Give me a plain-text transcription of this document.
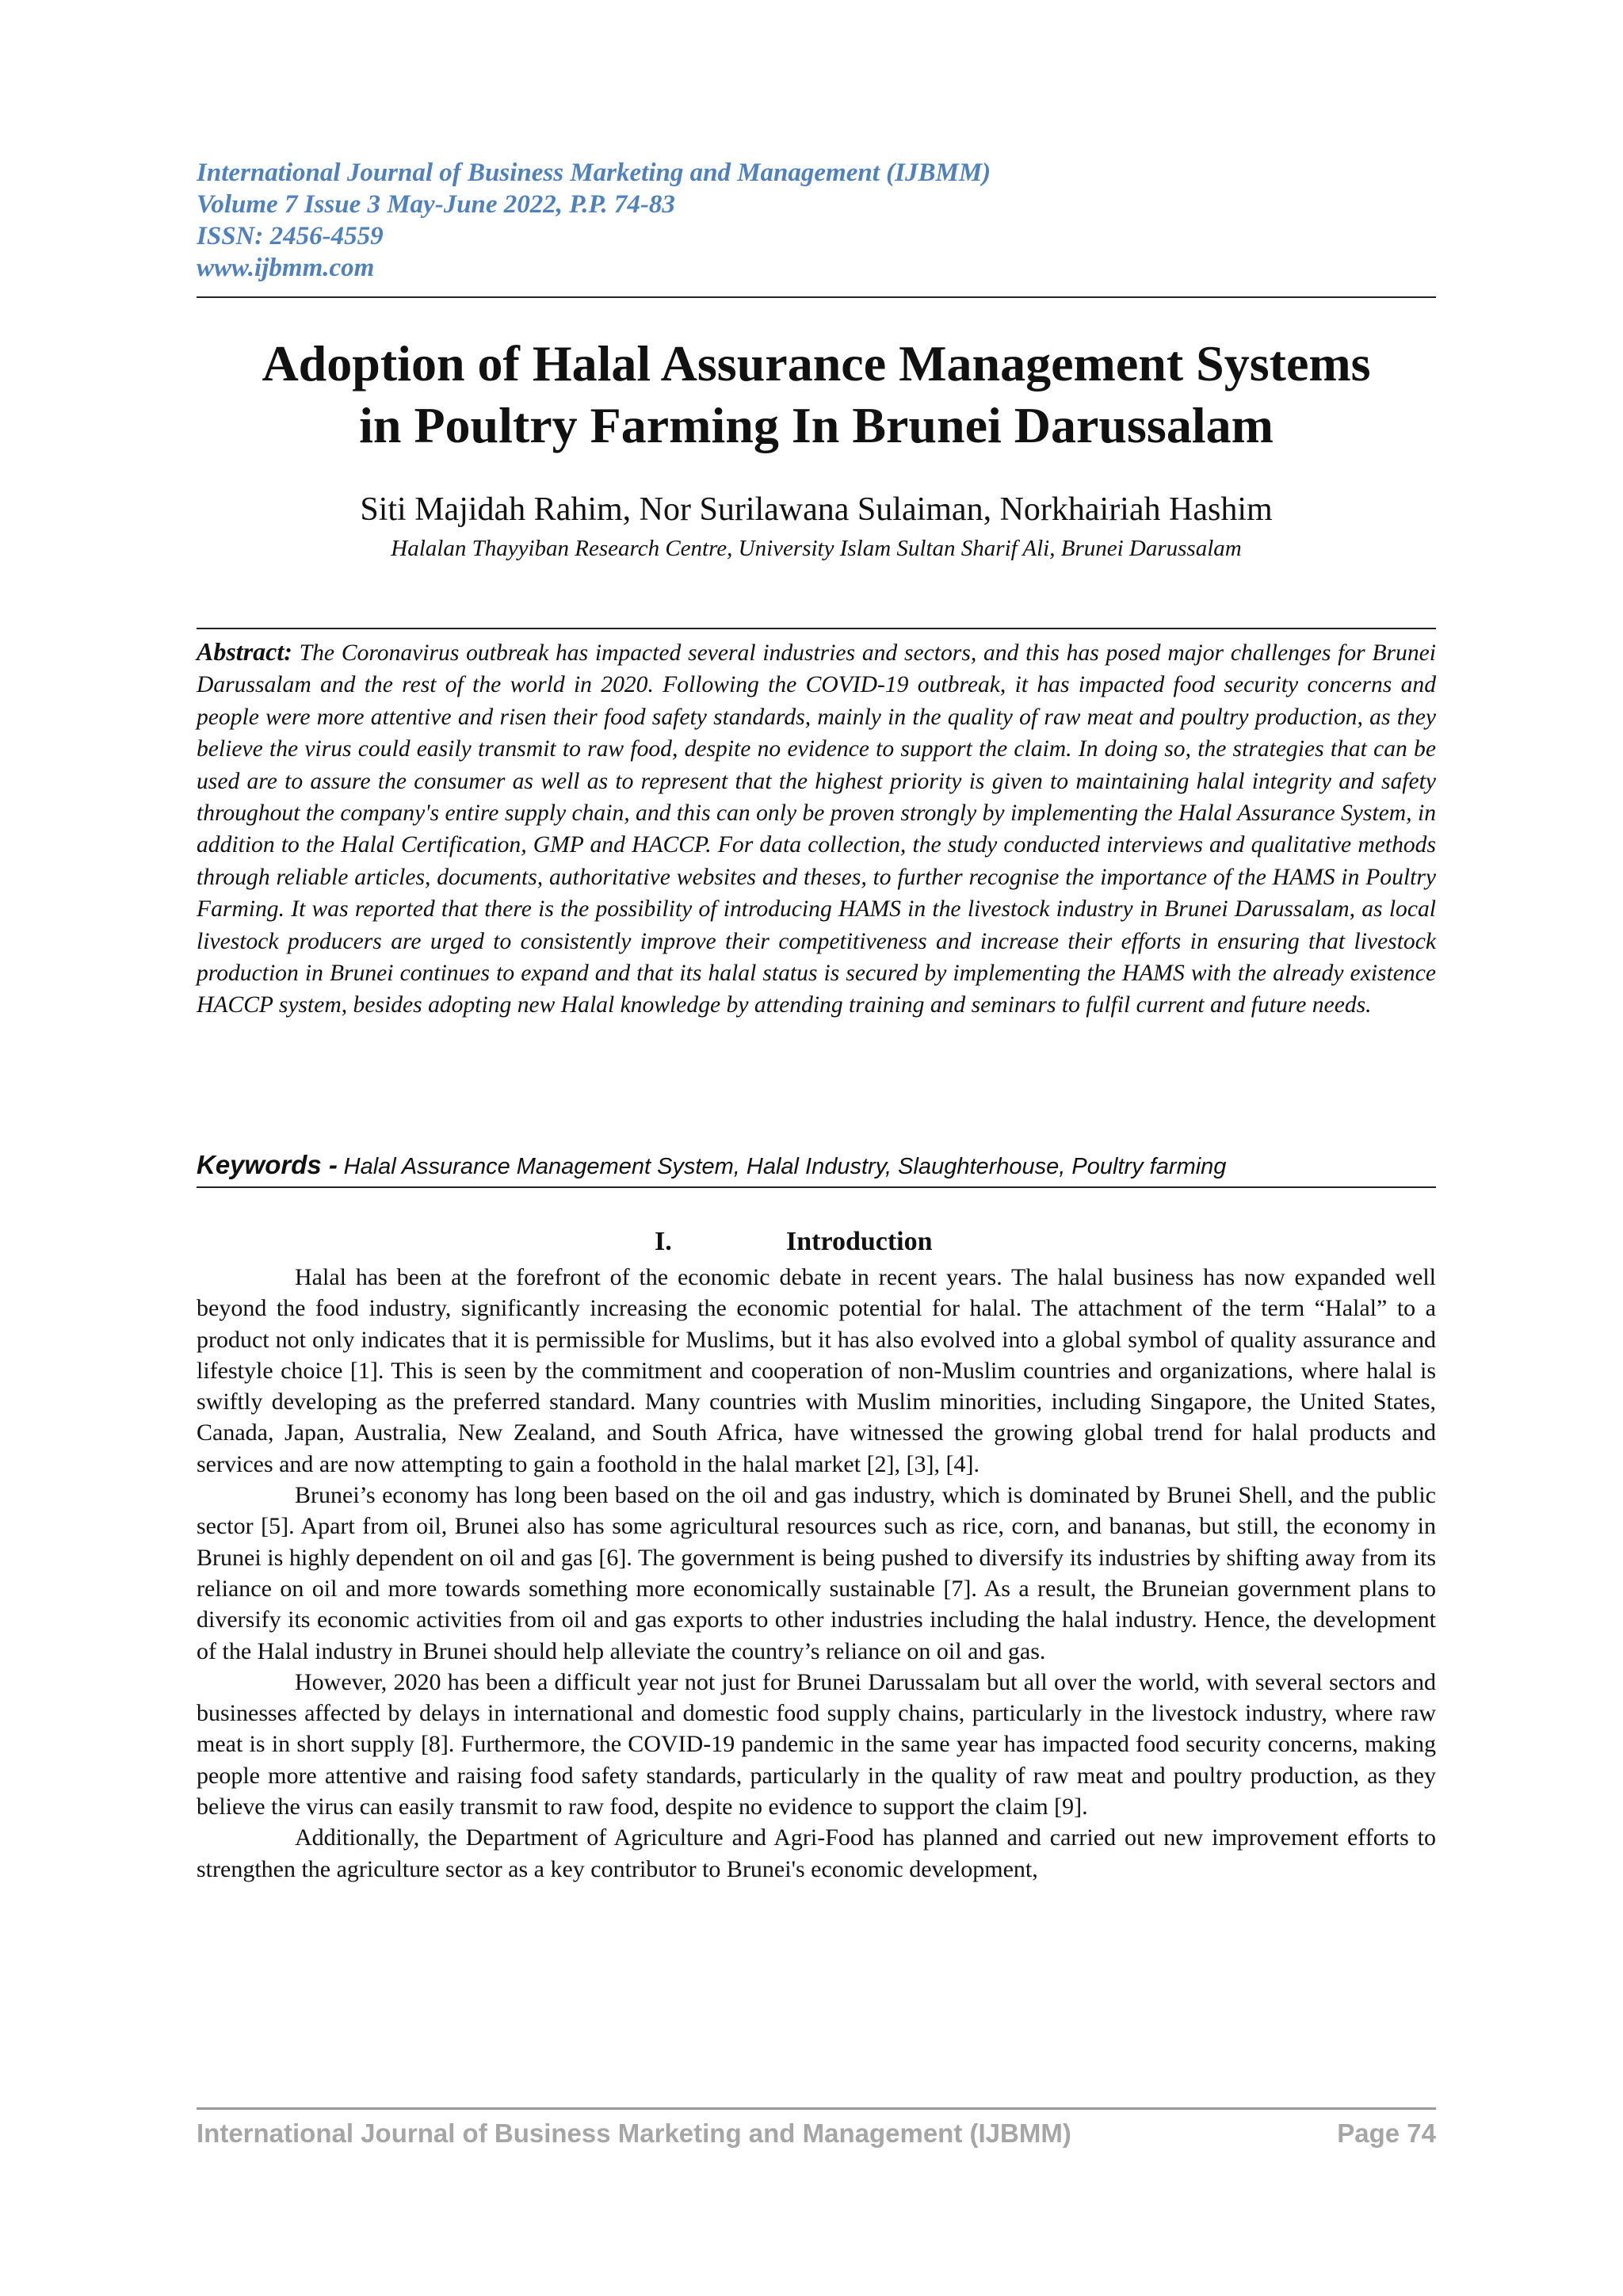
International Journal of Business Marketing and Management (IJBMM)
Volume 7 Issue 3 May-June 2022, P.P. 74-83
ISSN: 2456-4559
www.ijbmm.com
Adoption of Halal Assurance Management Systems
in Poultry Farming In Brunei Darussalam
Siti Majidah Rahim, Nor Surilawana Sulaiman, Norkhairiah Hashim
Halalan Thayyiban Research Centre, University Islam Sultan Sharif Ali, Brunei Darussalam
Abstract: The Coronavirus outbreak has impacted several industries and sectors, and this has posed major challenges for Brunei Darussalam and the rest of the world in 2020. Following the COVID-19 outbreak, it has impacted food security concerns and people were more attentive and risen their food safety standards, mainly in the quality of raw meat and poultry production, as they believe the virus could easily transmit to raw food, despite no evidence to support the claim. In doing so, the strategies that can be used are to assure the consumer as well as to represent that the highest priority is given to maintaining halal integrity and safety throughout the company's entire supply chain, and this can only be proven strongly by implementing the Halal Assurance System, in addition to the Halal Certification, GMP and HACCP. For data collection, the study conducted interviews and qualitative methods through reliable articles, documents, authoritative websites and theses, to further recognise the importance of the HAMS in Poultry Farming. It was reported that there is the possibility of introducing HAMS in the livestock industry in Brunei Darussalam, as local livestock producers are urged to consistently improve their competitiveness and increase their efforts in ensuring that livestock production in Brunei continues to expand and that its halal status is secured by implementing the HAMS with the already existence HACCP system, besides adopting new Halal knowledge by attending training and seminars to fulfil current and future needs.
Keywords - Halal Assurance Management System, Halal Industry, Slaughterhouse, Poultry farming
I.	Introduction

Halal has been at the forefront of the economic debate in recent years. The halal business has now expanded well beyond the food industry, significantly increasing the economic potential for halal. The attachment of the term “Halal” to a product not only indicates that it is permissible for Muslims, but it has also evolved into a global symbol of quality assurance and lifestyle choice [1]. This is seen by the commitment and cooperation of non-Muslim countries and organizations, where halal is swiftly developing as the preferred standard. Many countries with Muslim minorities, including Singapore, the United States, Canada, Japan, Australia, New Zealand, and South Africa, have witnessed the growing global trend for halal products and services and are now attempting to gain a foothold in the halal market [2], [3], [4].

Brunei’s economy has long been based on the oil and gas industry, which is dominated by Brunei Shell, and the public sector [5]. Apart from oil, Brunei also has some agricultural resources such as rice, corn, and bananas, but still, the economy in Brunei is highly dependent on oil and gas [6]. The government is being pushed to diversify its industries by shifting away from its reliance on oil and more towards something more economically sustainable [7]. As a result, the Bruneian government plans to diversify its economic activities from oil and gas exports to other industries including the halal industry. Hence, the development of the Halal industry in Brunei should help alleviate the country’s reliance on oil and gas.

However, 2020 has been a difficult year not just for Brunei Darussalam but all over the world, with several sectors and businesses affected by delays in international and domestic food supply chains, particularly in the livestock industry, where raw meat is in short supply [8]. Furthermore, the COVID-19 pandemic in the same year has impacted food security concerns, making people more attentive and raising food safety standards, particularly in the quality of raw meat and poultry production, as they believe the virus can easily transmit to raw food, despite no evidence to support the claim [9].

Additionally, the Department of Agriculture and Agri-Food has planned and carried out new improvement efforts to strengthen the agriculture sector as a key contributor to Brunei's economic development,

International Journal of Business Marketing and Management (IJBMM)	Page 74
